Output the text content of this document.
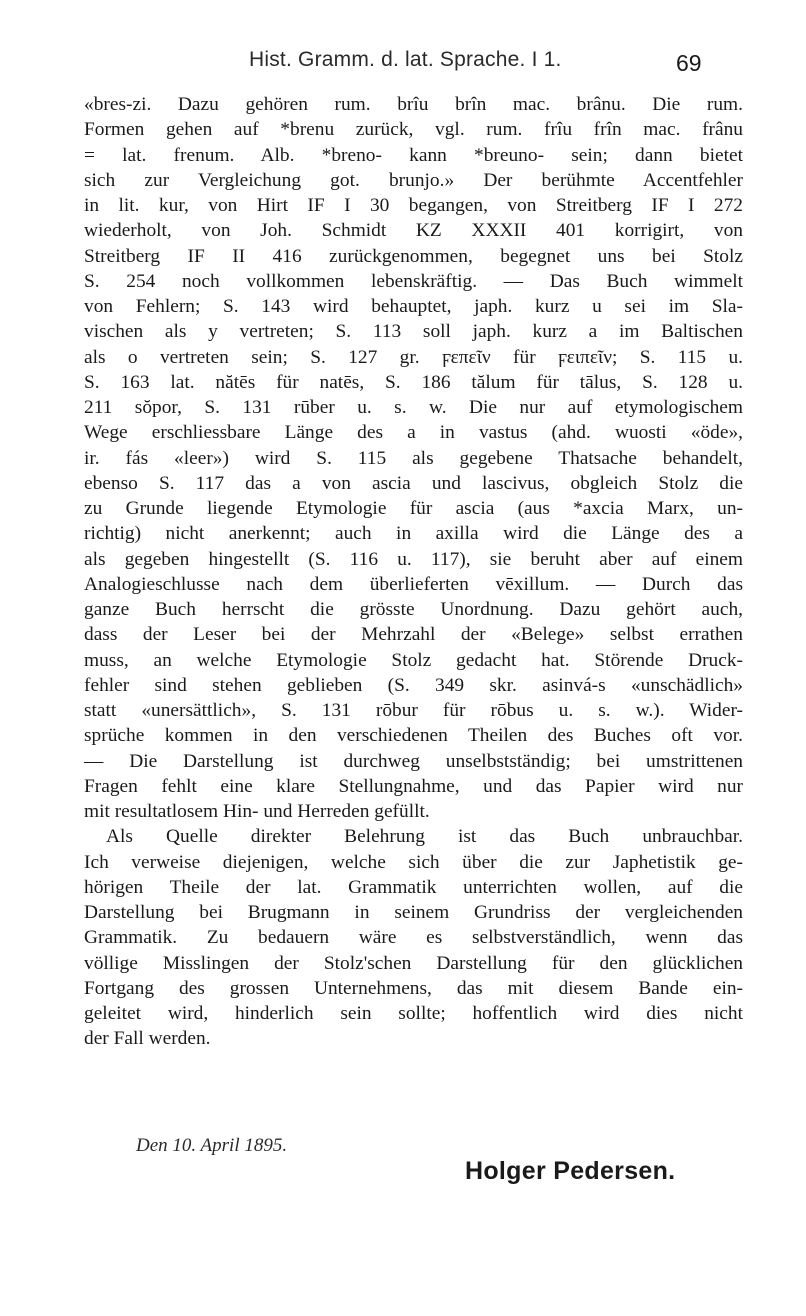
Hist. Gramm. d. lat. Sprache. I 1.	69
«bres-zi. Dazu gehören rum. brîu brîn mac. brânu. Die rum.
Formen gehen auf *brenu zurück, vgl. rum. frîu frîn mac. frânu
= lat. frenum. Alb. *breno- kann *breuno- sein; dann bietet
sich zur Vergleichung got. brunjo.» Der berühmte Accentfehler
in lit. kur, von Hirt IF I 30 begangen, von Streitberg IF I 272
wiederholt, von Joh. Schmidt KZ XXXII 401 korrigirt, von
Streitberg IF II 416 zurückgenommen, begegnet uns bei Stolz
S. 254 noch vollkommen lebenskräftig. — Das Buch wimmelt
von Fehlern; S. 143 wird behauptet, japh. kurz u sei im Sla-
vischen als y vertreten; S. 113 soll japh. kurz a im Baltischen
als o vertreten sein; S. 127 gr. ϝεπεῖν für ϝειπεῖν; S. 115 u.
S. 163 lat. nătēs für natēs, S. 186 tălum für tālus, S. 128 u.
211 sŏpor, S. 131 rūber u. s. w. Die nur auf etymologischem
Wege erschliessbare Länge des a in vastus (ahd. wuosti «öde»,
ir. fás «leer») wird S. 115 als gegebene Thatsache behandelt,
ebenso S. 117 das a von ascia und lascivus, obgleich Stolz die
zu Grunde liegende Etymologie für ascia (aus *axcia Marx, un-
richtig) nicht anerkennt; auch in axilla wird die Länge des a
als gegeben hingestellt (S. 116 u. 117), sie beruht aber auf einem
Analogieschlusse nach dem überlieferten vēxillum. — Durch das
ganze Buch herrscht die grösste Unordnung. Dazu gehört auch,
dass der Leser bei der Mehrzahl der «Belege» selbst errathen
muss, an welche Etymologie Stolz gedacht hat. Störende Druck-
fehler sind stehen geblieben (S. 349 skr. asinvá-s «unschädlich»
statt «unersättlich», S. 131 rōbur für rōbus u. s. w.). Wider-
sprüche kommen in den verschiedenen Theilen des Buches oft vor.
— Die Darstellung ist durchweg unselbstständig; bei umstrittenen
Fragen fehlt eine klare Stellungnahme, und das Papier wird nur
mit resultatlosem Hin- und Herreden gefüllt.
Als Quelle direkter Belehrung ist das Buch unbrauchbar.
Ich verweise diejenigen, welche sich über die zur Japhetistik ge-
hörigen Theile der lat. Grammatik unterrichten wollen, auf die
Darstellung bei Brugmann in seinem Grundriss der vergleichenden
Grammatik. Zu bedauern wäre es selbstverständlich, wenn das
völlige Misslingen der Stolz'schen Darstellung für den glücklichen
Fortgang des grossen Unternehmens, das mit diesem Bande ein-
geleitet wird, hinderlich sein sollte; hoffentlich wird dies nicht
der Fall werden.
Den 10. April 1895.
Holger Pedersen.
